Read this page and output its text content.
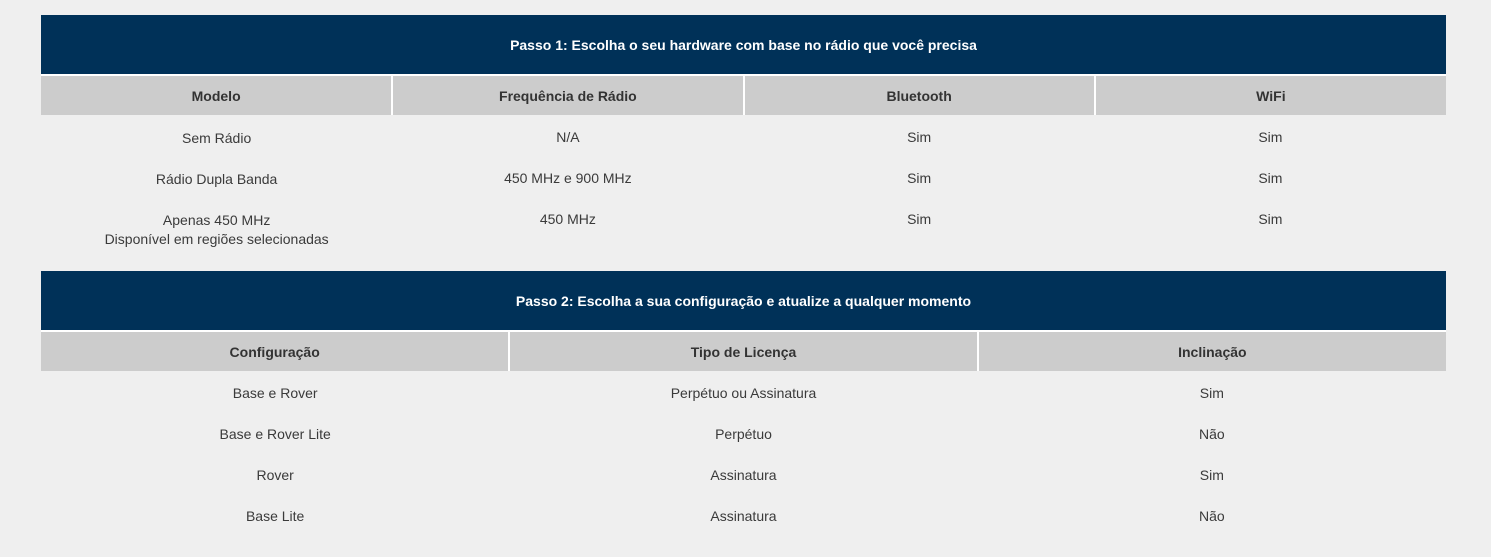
Passo 1: Escolha o seu hardware com base no rádio que você precisa			
Modelo	Frequência de Rádio	Bluetooth	WiFi

Sem Rádio	N/A	Sim	Sim

Rádio Dupla Banda	450 MHz e 900 MHz	Sim	Sim

Apenas 450 MHz
Disponível em regiões selecionadas	450 MHz	Sim	Sim
Passo 2: Escolha a sua configuração e atualize a qualquer momento		
Configuração	Tipo de Licença	Inclinação
Base e Rover	Perpétuo ou Assinatura	Sim
Base e Rover Lite	Perpétuo	Não
Rover	Assinatura	Sim
Base Lite	Assinatura	Não
